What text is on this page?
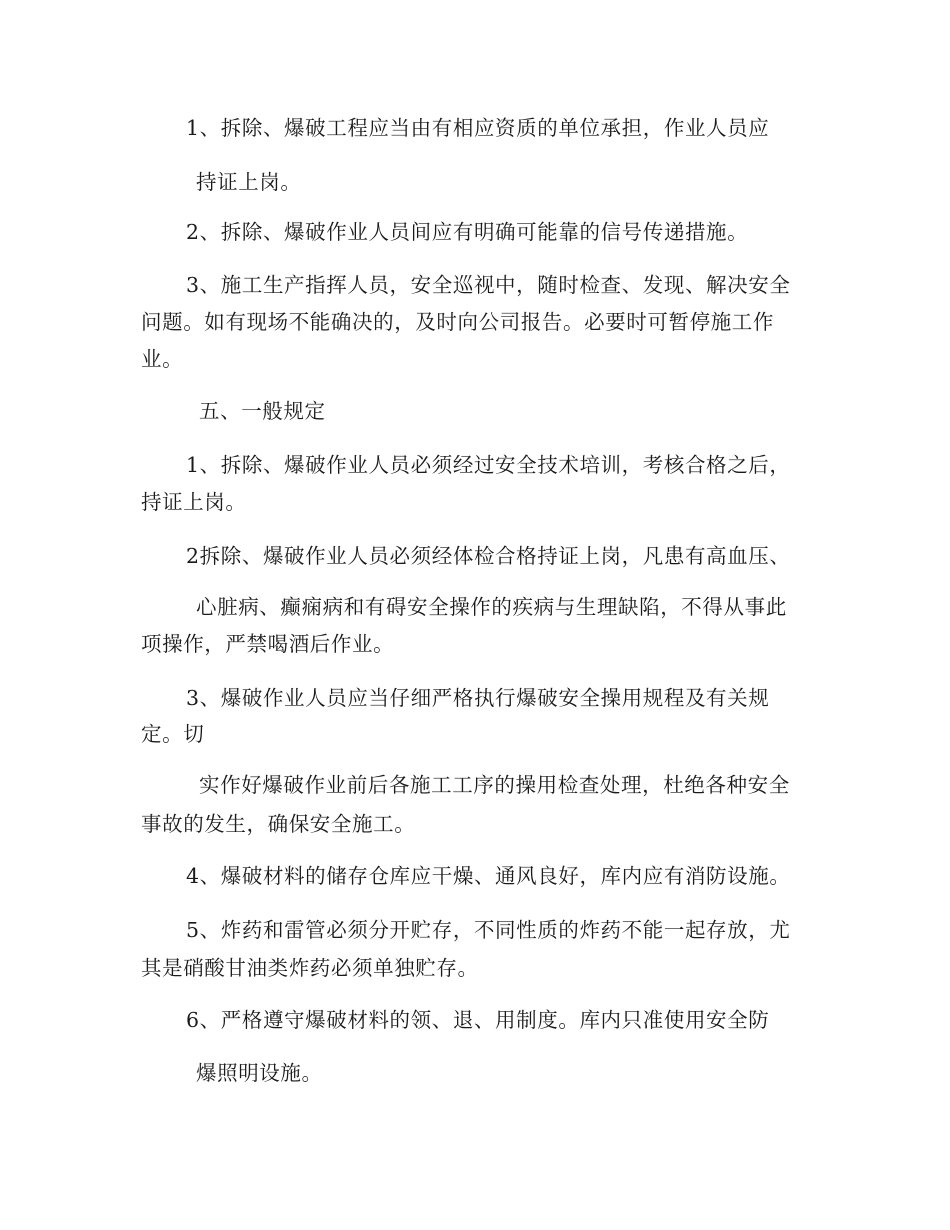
1、拆除、爆破工程应当由有相应资质的单位承担，作业人员应
持证上岗。
2、拆除、爆破作业人员间应有明确可能靠的信号传递措施。
3、施工生产指挥人员，安全巡视中，随时检查、发现、解决安全
问题。如有现场不能确决的，及时向公司报告。必要时可暂停施工作
业。
五、一般规定
1、拆除、爆破作业人员必须经过安全技术培训，考核合格之后，
持证上岗。
2拆除、爆破作业人员必须经体检合格持证上岗，凡患有高血压、
心脏病、癫痫病和有碍安全操作的疾病与生理缺陷，不得从事此
项操作，严禁喝酒后作业。
3、爆破作业人员应当仔细严格执行爆破安全操用规程及有关规
定。切
实作好爆破作业前后各施工工序的操用检查处理，杜绝各种安全
事故的发生，确保安全施工。
4、爆破材料的储存仓库应干燥、通风良好，库内应有消防设施。
5、炸药和雷管必须分开贮存，不同性质的炸药不能一起存放，尤
其是硝酸甘油类炸药必须单独贮存。
6、严格遵守爆破材料的领、退、用制度。库内只准使用安全防
爆照明设施。
